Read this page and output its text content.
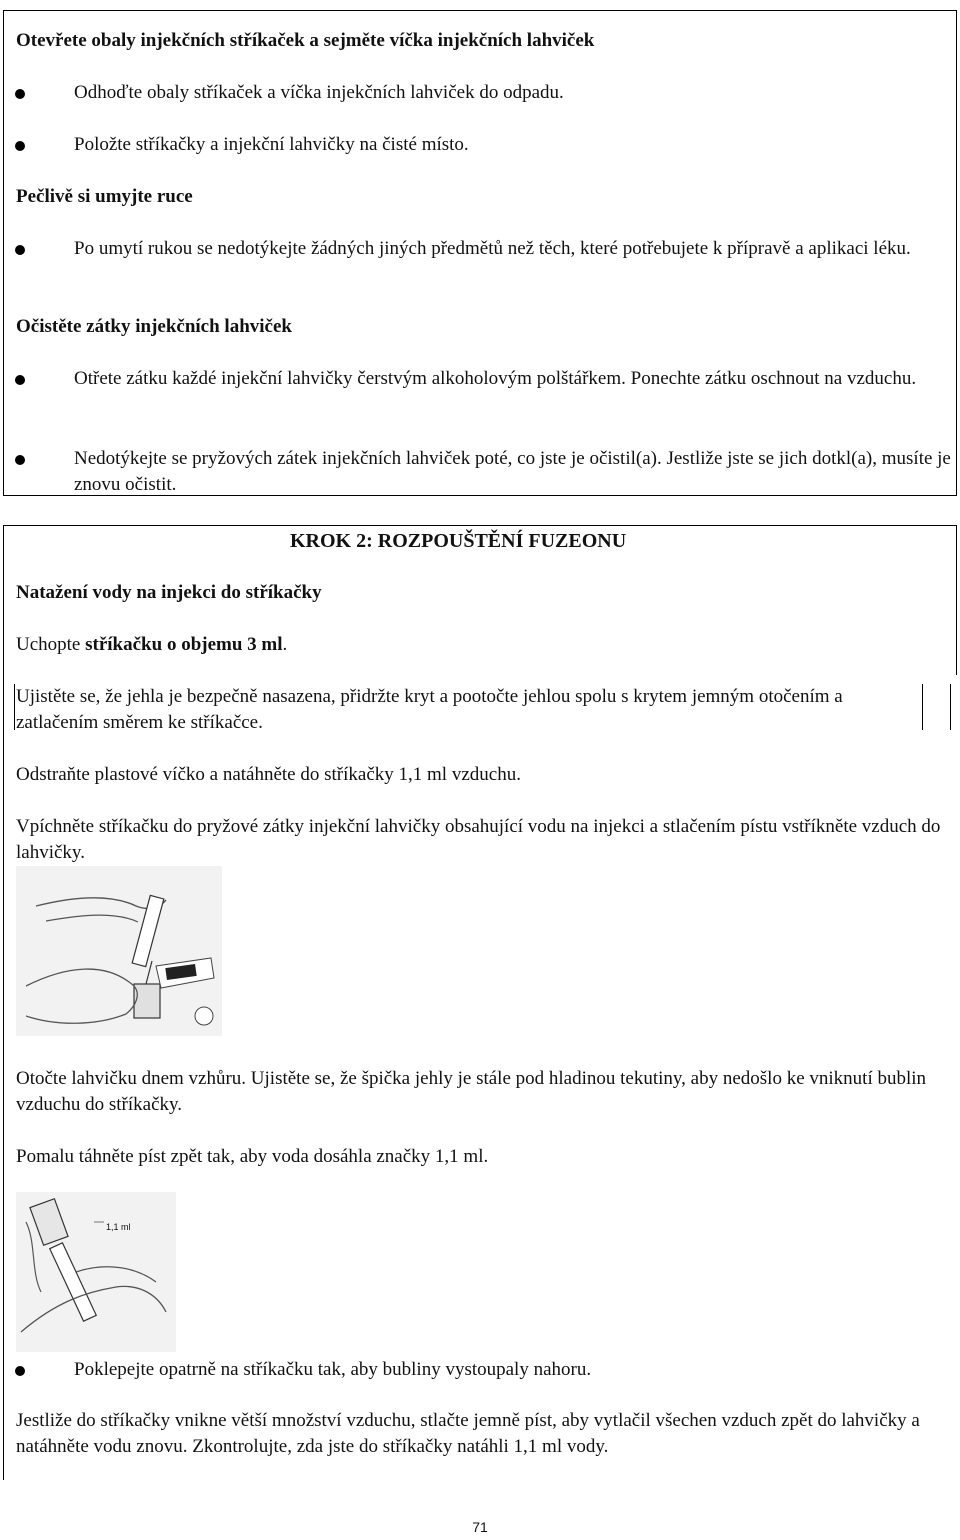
Otevřete obaly injekčních stříkaček a sejměte víčka injekčních lahviček

Odhoďte obaly stříkaček a víčka injekčních lahviček do odpadu.

Položte stříkačky a injekční lahvičky na čisté místo.

Pečlivě si umyjte ruce

Po umytí rukou se nedotýkejte žádných jiných předmětů než těch, které potřebujete k přípravě a aplikaci léku.

Očistěte zátky injekčních lahviček

Otřete zátku každé injekční lahvičky čerstvým alkoholovým polštářkem. Ponechte zátku oschnout na vzduchu.

Nedotýkejte se pryžových zátek injekčních lahviček poté, co jste je očistil(a). Jestliže jste se jich dotkl(a), musíte je znovu očistit.

KROK 2: ROZPOUŠTĚNÍ FUZEONU

Natažení vody na injekci do stříkačky

Uchopte stříkačku o objemu 3 ml.

Ujistěte se, že jehla je bezpečně nasazena, přidržte kryt a pootočte jehlou spolu s krytem jemným otočením a zatlačením směrem ke stříkačce.

Odstraňte plastové víčko a natáhněte do stříkačky 1,1 ml vzduchu.

Vpíchněte stříkačku do pryžové zátky injekční lahvičky obsahující vodu na injekci a stlačením pístu vstříkněte vzduch do lahvičky.

Otočte lahvičku dnem vzhůru. Ujistěte se, že špička jehly je stále pod hladinou tekutiny, aby nedošlo ke vniknutí bublin vzduchu do stříkačky.

Pomalu táhněte píst zpět tak, aby voda dosáhla značky 1,1 ml.

1,1 ml

Poklepejte opatrně na stříkačku tak, aby bubliny vystoupaly nahoru.

Jestliže do stříkačky vnikne větší množství vzduchu, stlačte jemně píst, aby vytlačil všechen vzduch zpět do lahvičky a natáhněte vodu znovu. Zkontrolujte, zda jste do stříkačky natáhli 1,1 ml vody.

71
